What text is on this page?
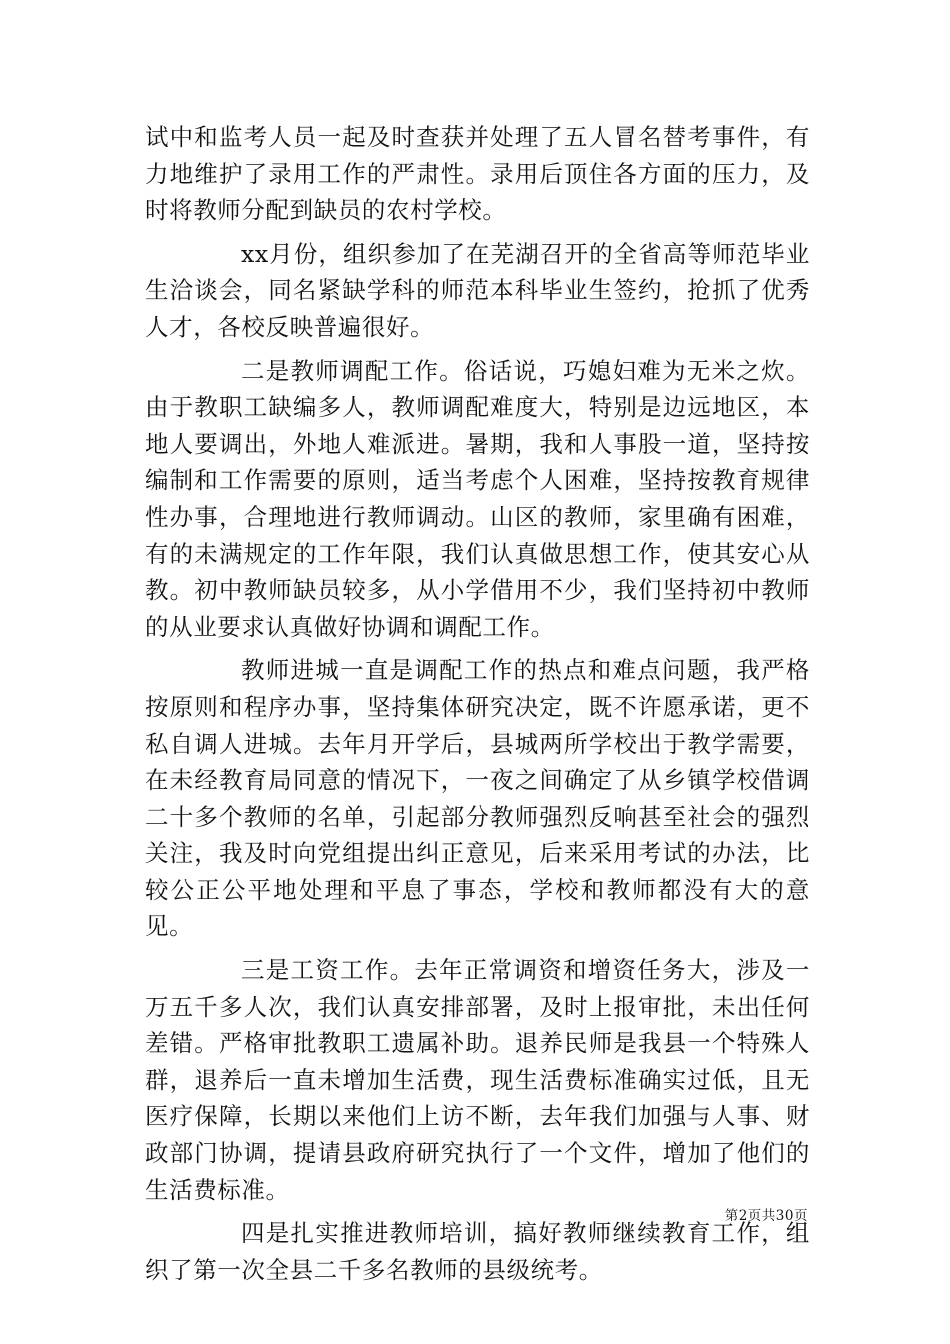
试中和监考人员一起及时查获并处理了五人冒名替考事件，有力地维护了录用工作的严肃性。录用后顶住各方面的压力，及时将教师分配到缺员的农村学校。

xx月份，组织参加了在芜湖召开的全省高等师范毕业生洽谈会，同名紧缺学科的师范本科毕业生签约，抢抓了优秀人才，各校反映普遍很好。

二是教师调配工作。俗话说，巧媳妇难为无米之炊。由于教职工缺编多人，教师调配难度大，特别是边远地区，本地人要调出，外地人难派进。暑期，我和人事股一道，坚持按编制和工作需要的原则，适当考虑个人困难，坚持按教育规律性办事，合理地进行教师调动。山区的教师，家里确有困难，有的未满规定的工作年限，我们认真做思想工作，使其安心从教。初中教师缺员较多，从小学借用不少，我们坚持初中教师的从业要求认真做好协调和调配工作。

教师进城一直是调配工作的热点和难点问题，我严格按原则和程序办事，坚持集体研究决定，既不许愿承诺，更不私自调人进城。去年月开学后，县城两所学校出于教学需要，在未经教育局同意的情况下，一夜之间确定了从乡镇学校借调二十多个教师的名单，引起部分教师强烈反响甚至社会的强烈关注，我及时向党组提出纠正意见，后来采用考试的办法，比较公正公平地处理和平息了事态，学校和教师都没有大的意见。

三是工资工作。去年正常调资和增资任务大，涉及一万五千多人次，我们认真安排部署，及时上报审批，未出任何差错。严格审批教职工遗属补助。退养民师是我县一个特殊人群，退养后一直未增加生活费，现生活费标准确实过低，且无医疗保障，长期以来他们上访不断，去年我们加强与人事、财政部门协调，提请县政府研究执行了一个文件，增加了他们的生活费标准。

四是扎实推进教师培训，搞好教师继续教育工作，组织了第一次全县二千多名教师的县级统考。

第2页共30页
